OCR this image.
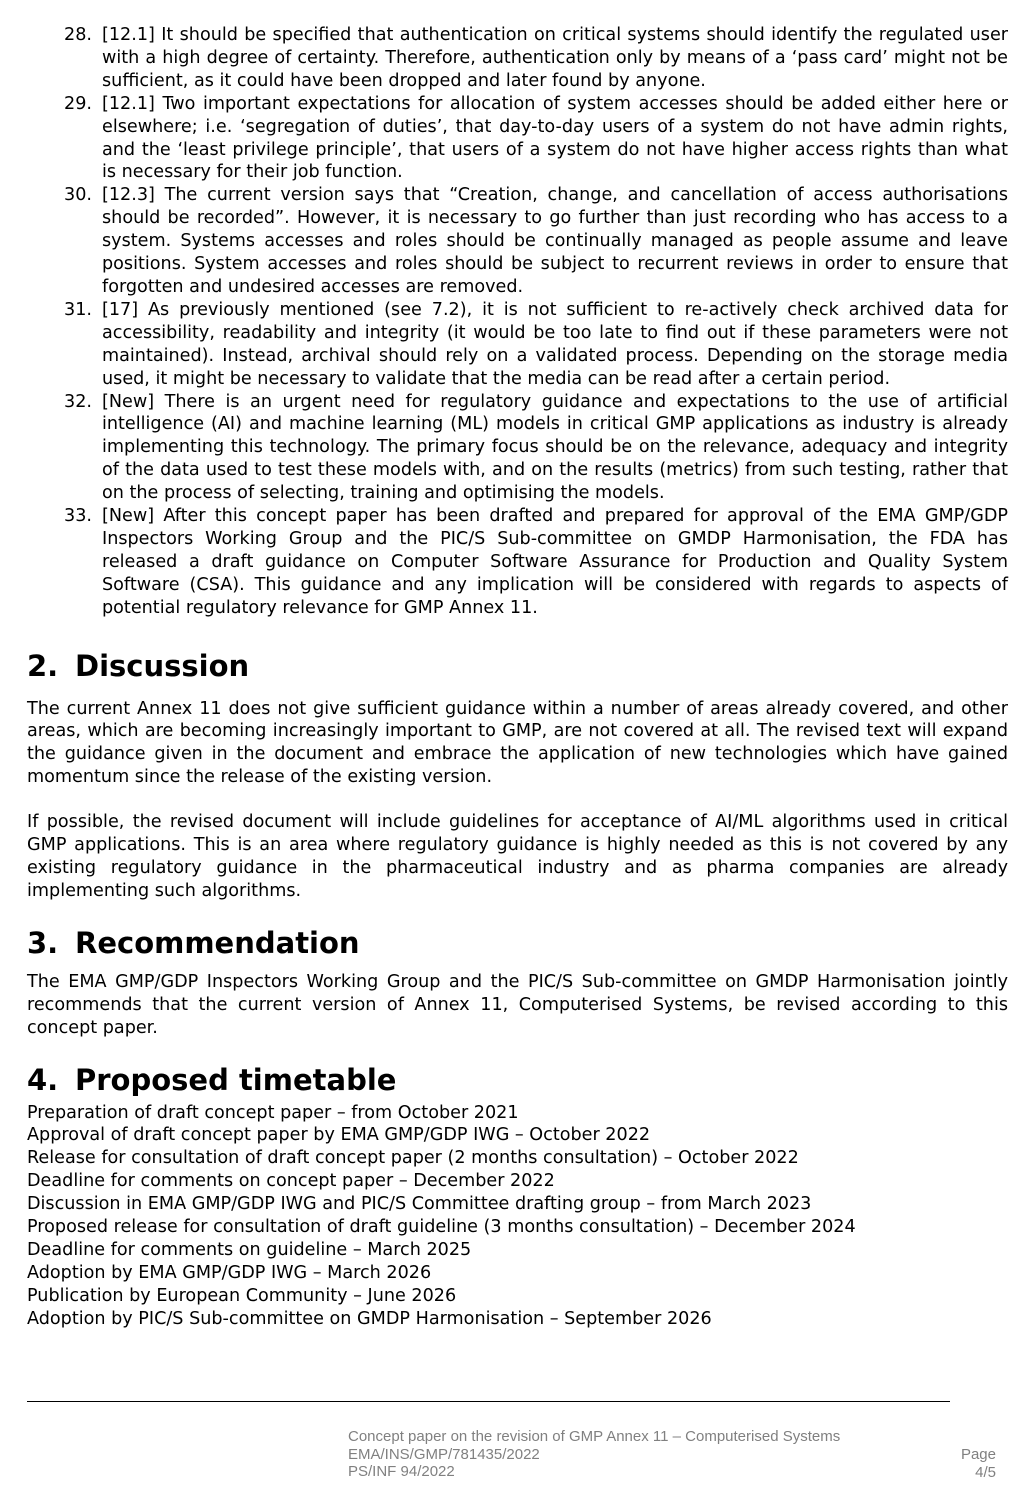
28. [12.1] It should be specified that authentication on critical systems should identify the regulated user with a high degree of certainty. Therefore, authentication only by means of a ‘pass card’ might not be sufficient, as it could have been dropped and later found by anyone.
29. [12.1] Two important expectations for allocation of system accesses should be added either here or elsewhere; i.e. ‘segregation of duties’, that day-to-day users of a system do not have admin rights, and the ‘least privilege principle’, that users of a system do not have higher access rights than what is necessary for their job function.
30. [12.3] The current version says that “Creation, change, and cancellation of access authorisations should be recorded”. However, it is necessary to go further than just recording who has access to a system. Systems accesses and roles should be continually managed as people assume and leave positions. System accesses and roles should be subject to recurrent reviews in order to ensure that forgotten and undesired accesses are removed.
31. [17] As previously mentioned (see 7.2), it is not sufficient to re-actively check archived data for accessibility, readability and integrity (it would be too late to find out if these parameters were not maintained). Instead, archival should rely on a validated process. Depending on the storage media used, it might be necessary to validate that the media can be read after a certain period.
32. [New] There is an urgent need for regulatory guidance and expectations to the use of artificial intelligence (AI) and machine learning (ML) models in critical GMP applications as industry is already implementing this technology. The primary focus should be on the relevance, adequacy and integrity of the data used to test these models with, and on the results (metrics) from such testing, rather that on the process of selecting, training and optimising the models.
33. [New] After this concept paper has been drafted and prepared for approval of the EMA GMP/GDP Inspectors Working Group and the PIC/S Sub-committee on GMDP Harmonisation, the FDA has released a draft guidance on Computer Software Assurance for Production and Quality System Software (CSA). This guidance and any implication will be considered with regards to aspects of potential regulatory relevance for GMP Annex 11.
2. Discussion

The current Annex 11 does not give sufficient guidance within a number of areas already covered, and other areas, which are becoming increasingly important to GMP, are not covered at all. The revised text will expand the guidance given in the document and embrace the application of new technologies which have gained momentum since the release of the existing version.

If possible, the revised document will include guidelines for acceptance of AI/ML algorithms used in critical GMP applications. This is an area where regulatory guidance is highly needed as this is not covered by any existing regulatory guidance in the pharmaceutical industry and as pharma companies are already implementing such algorithms.

3. Recommendation

The EMA GMP/GDP Inspectors Working Group and the PIC/S Sub-committee on GMDP Harmonisation jointly recommends that the current version of Annex 11, Computerised Systems, be revised according to this concept paper.

4. Proposed timetable

Preparation of draft concept paper – from October 2021

Approval of draft concept paper by EMA GMP/GDP IWG – October 2022

Release for consultation of draft concept paper (2 months consultation) – October 2022

Deadline for comments on concept paper – December 2022

Discussion in EMA GMP/GDP IWG and PIC/S Committee drafting group – from March 2023

Proposed release for consultation of draft guideline (3 months consultation) – December 2024

Deadline for comments on guideline – March 2025

Adoption by EMA GMP/GDP IWG – March 2026

Publication by European Community – June 2026

Adoption by PIC/S Sub-committee on GMDP Harmonisation – September 2026

Concept paper on the revision of GMP Annex 11 – Computerised Systems
EMA/INS/GMP/781435/2022
PS/INF 94/2022
Page
4/5
